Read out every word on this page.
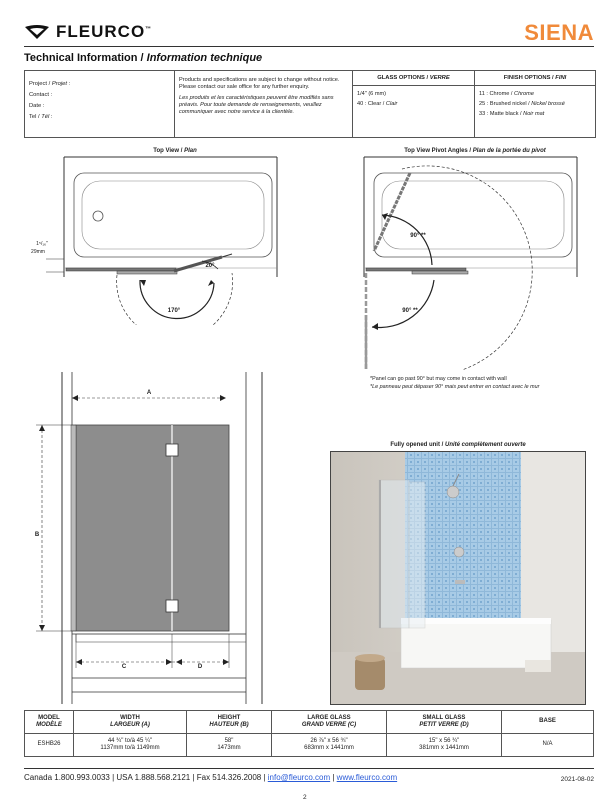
FLEURCO™	SIENA
Technical Information / Information technique
Project / Projet :
Contact :
Date :
Tel / Tél :
Products and specifications are subject to change without notice. Please contact our sale office for any further enquiry.
Les produits et les caractéristiques peuvent être modifiés sans préavis. Pour toute demande de renseignements, veuillez communiquer avec notre service à la clientèle.
GLASS OPTIONS / VERRE
1/4" (6 mm)
40 : Clear / Clair
FINISH OPTIONS / FINI
11 : Chrome / Chrome
25 : Brushed nickel / Nickel brossé
33 : Matte black / Noir mat
Top View / Plan
1⁵/₁₆"
29mm
170°
20°
Top View Pivot Angles / Plan de la portée du pivot
90° **
90° **
*Panel can go past 90° but may come in contact with wall
*Le panneau peut dépaser 90° mais peut entrer en contact avec le mur
A
B
C	D
Fully opened unit / Unité complètement ouverte
MODEL
MODÈLE	WIDTH
LARGEUR (A)	HEIGHT
HAUTEUR (B)	LARGE GLASS
GRAND VERRE (C)	SMALL GLASS
PETIT VERRE (D)	BASE
ESHB26	44 ¾" to/à 45 ¼"
1137mm to/à 1149mm	58"
1473mm	26 ⅞" x 56 ¾"
683mm x 1441mm	15" x 56 ¾"
381mm x 1441mm	N/A
Canada 1.800.993.0033 | USA 1.888.568.2121 | Fax 514.326.2008 | info@fleurco.com | www.fleurco.com	2021-08-02
2
